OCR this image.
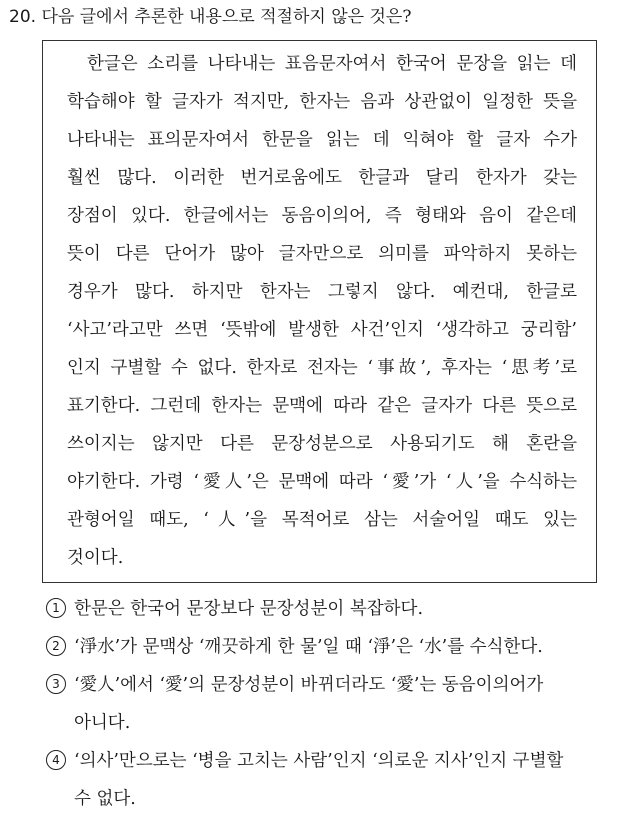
20. 다음 글에서 추론한 내용으로 적절하지 않은 것은?
한글은 소리를 나타내는 표음문자여서 한국어 문장을 읽는 데
학습해야 할 글자가 적지만, 한자는 음과 상관없이 일정한 뜻을
나타내는 표의문자여서 한문을 읽는 데 익혀야 할 글자 수가
훨씬 많다. 이러한 번거로움에도 한글과 달리 한자가 갖는
장점이 있다. 한글에서는 동음이의어, 즉 형태와 음이 같은데
뜻이 다른 단어가 많아 글자만으로 의미를 파악하지 못하는
경우가 많다. 하지만 한자는 그렇지 않다. 예컨대, 한글로
‘사고’라고만 쓰면 ‘뜻밖에 발생한 사건’인지 ‘생각하고 궁리함’
인지 구별할 수 없다. 한자로 전자는 ‘事故’, 후자는 ‘思考’로
표기한다. 그런데 한자는 문맥에 따라 같은 글자가 다른 뜻으로
쓰이지는 않지만 다른 문장성분으로 사용되기도 해 혼란을
야기한다. 가령 ‘愛人’은 문맥에 따라 ‘愛’가 ‘人’을 수식하는
관형어일 때도, ‘人’을 목적어로 삼는 서술어일 때도 있는
것이다.
1 한문은 한국어 문장보다 문장성분이 복잡하다.
2 ‘淨水’가 문맥상 ‘깨끗하게 한 물’일 때 ‘淨’은 ‘水’를 수식한다.
3 ‘愛人’에서 ‘愛’의 문장성분이 바뀌더라도 ‘愛’는 동음이의어가
아니다.
4 ‘의사’만으로는 ‘병을 고치는 사람’인지 ‘의로운 지사’인지 구별할
수 없다.
